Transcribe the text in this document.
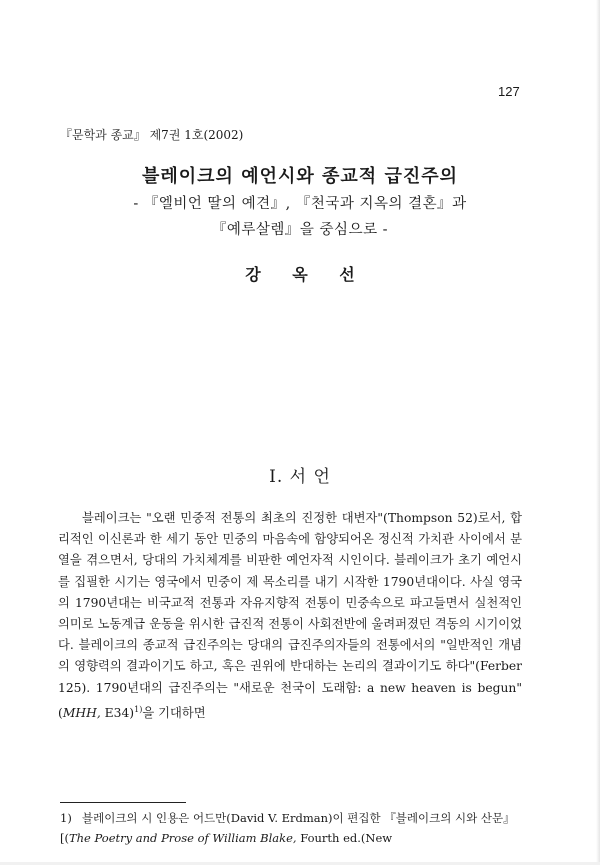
127
『문학과 종교』 제7권 1호(2002)
블레이크의 예언시와 종교적 급진주의
- 『엘비언 딸의 예견』, 『천국과 지옥의 결혼』과
『예루살렘』을 중심으로 -
강 옥 선
I. 서 언

블레이크는 "오랜 민중적 전통의 최초의 진정한 대변자"(Thompson 52)로서, 합리적인 이신론과 한 세기 동안 민중의 마음속에 함양되어온 정신적 가치관 사이에서 분열을 겪으면서, 당대의 가치체계를 비판한 예언자적 시인이다. 블레이크가 초기 예언시를 집필한 시기는 영국에서 민중이 제 목소리를 내기 시작한 1790년대이다. 사실 영국의 1790년대는 비국교적 전통과 자유지향적 전통이 민중속으로 파고들면서 실천적인 의미로 노동계급 운동을 위시한 급진적 전통이 사회전반에 울려퍼졌던 격동의 시기이었다. 블레이크의 종교적 급진주의는 당대의 급진주의자들의 전통에서의 "일반적인 개념의 영향력의 결과이기도 하고, 혹은 권위에 반대하는 논리의 결과이기도 하다"(Ferber 125). 1790년대의 급진주의는 "새로운 천국이 도래함: a new heaven is begun"(MHH, E34)$^{1)}$을 기대하면

1) 블레이크의 시 인용은 어드만(David V. Erdman)이 편집한 『블레이크의 시와 산문』[(The Poetry and Prose of William Blake, Fourth ed.(New
